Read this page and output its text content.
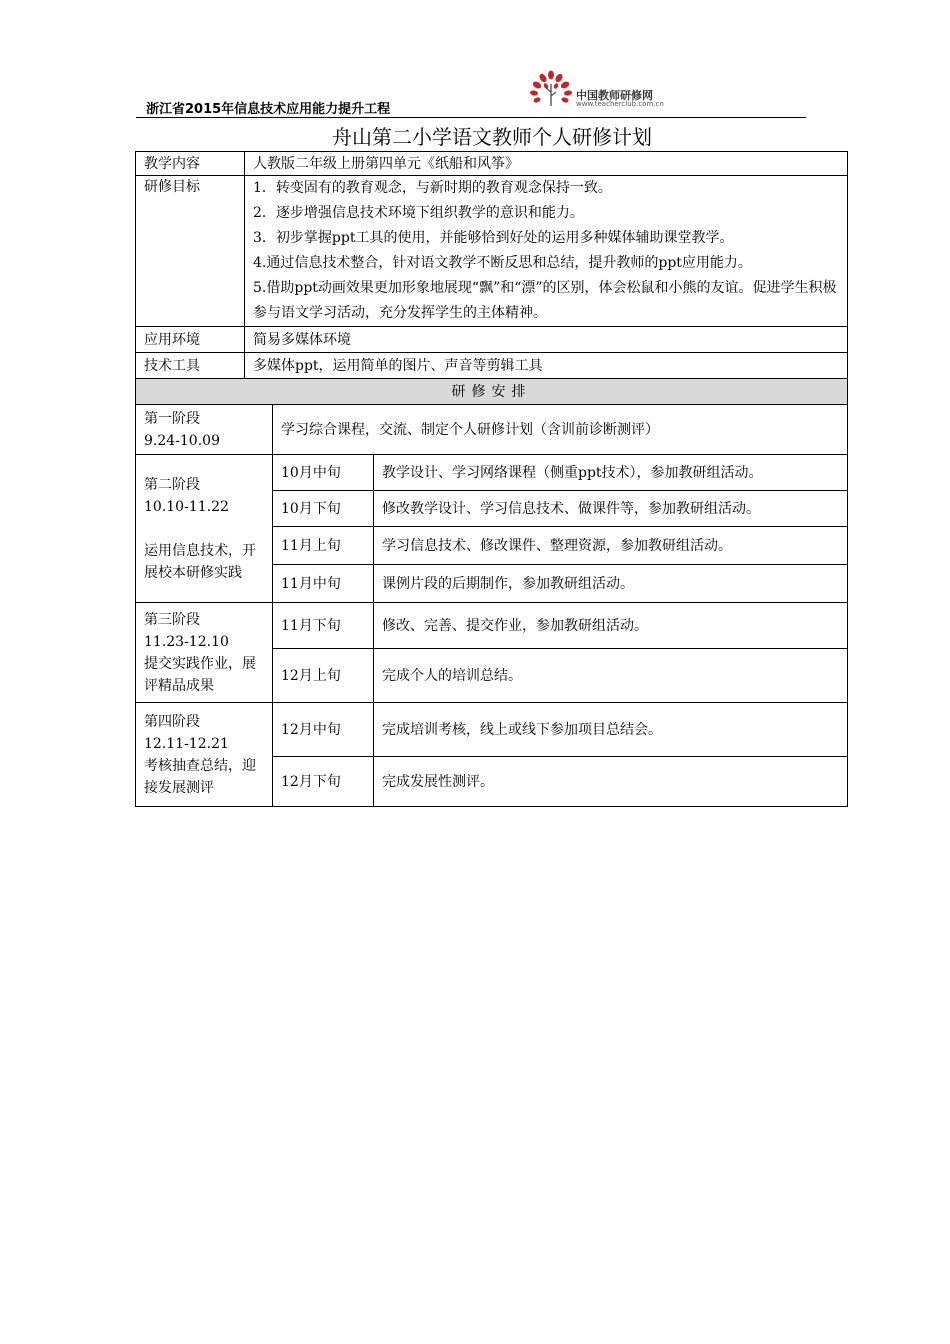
浙江省2015年信息技术应用能力提升工程
中国教师研修网
www.teacherclub.com.cn
舟山第二小学语文教师个人研修计划
教学内容	人教版二年级上册第四单元《纸船和风筝》		
研修目标	1．转变固有的教育观念，与新时期的教育观念保持一致。
2．逐步增强信息技术环境下组织教学的意识和能力。
3．初步掌握ppt工具的使用，并能够恰到好处的运用多种媒体辅助课堂教学。
4.通过信息技术整合，针对语文教学不断反思和总结，提升教师的ppt应用能力。
5.借助ppt动画效果更加形象地展现“飘”和“漂”的区别，体会松鼠和小熊的友谊。促进学生积极参与语文学习活动，充分发挥学生的主体精神。		

应用环境	简易多媒体环境		
技术工具	多媒体ppt，运用简单的图片、声音等剪辑工具		
研修安排			

第一阶段
9.24-10.09		学习综合课程，交流、制定个人研修计划（含训前诊断测评）	

第二阶段
10.10-11.22
运用信息技术，开展校本研修实践		10月中旬	教学设计、学习网络课程（侧重ppt技术），参加教研组活动。
		10月下旬	修改教学设计、学习信息技术、做课件等，参加教研组活动。
		11月上旬	学习信息技术、修改课件、整理资源，参加教研组活动。
		11月中旬	课例片段的后期制作，参加教研组活动。

第三阶段
11.23-12.10
提交实践作业，展评精品成果		11月下旬	修改、完善、提交作业，参加教研组活动。
		12月上旬	完成个人的培训总结。

第四阶段
12.11-12.21
考核抽查总结，迎接发展测评		12月中旬	完成培训考核，线上或线下参加项目总结会。
		12月下旬	完成发展性测评。
